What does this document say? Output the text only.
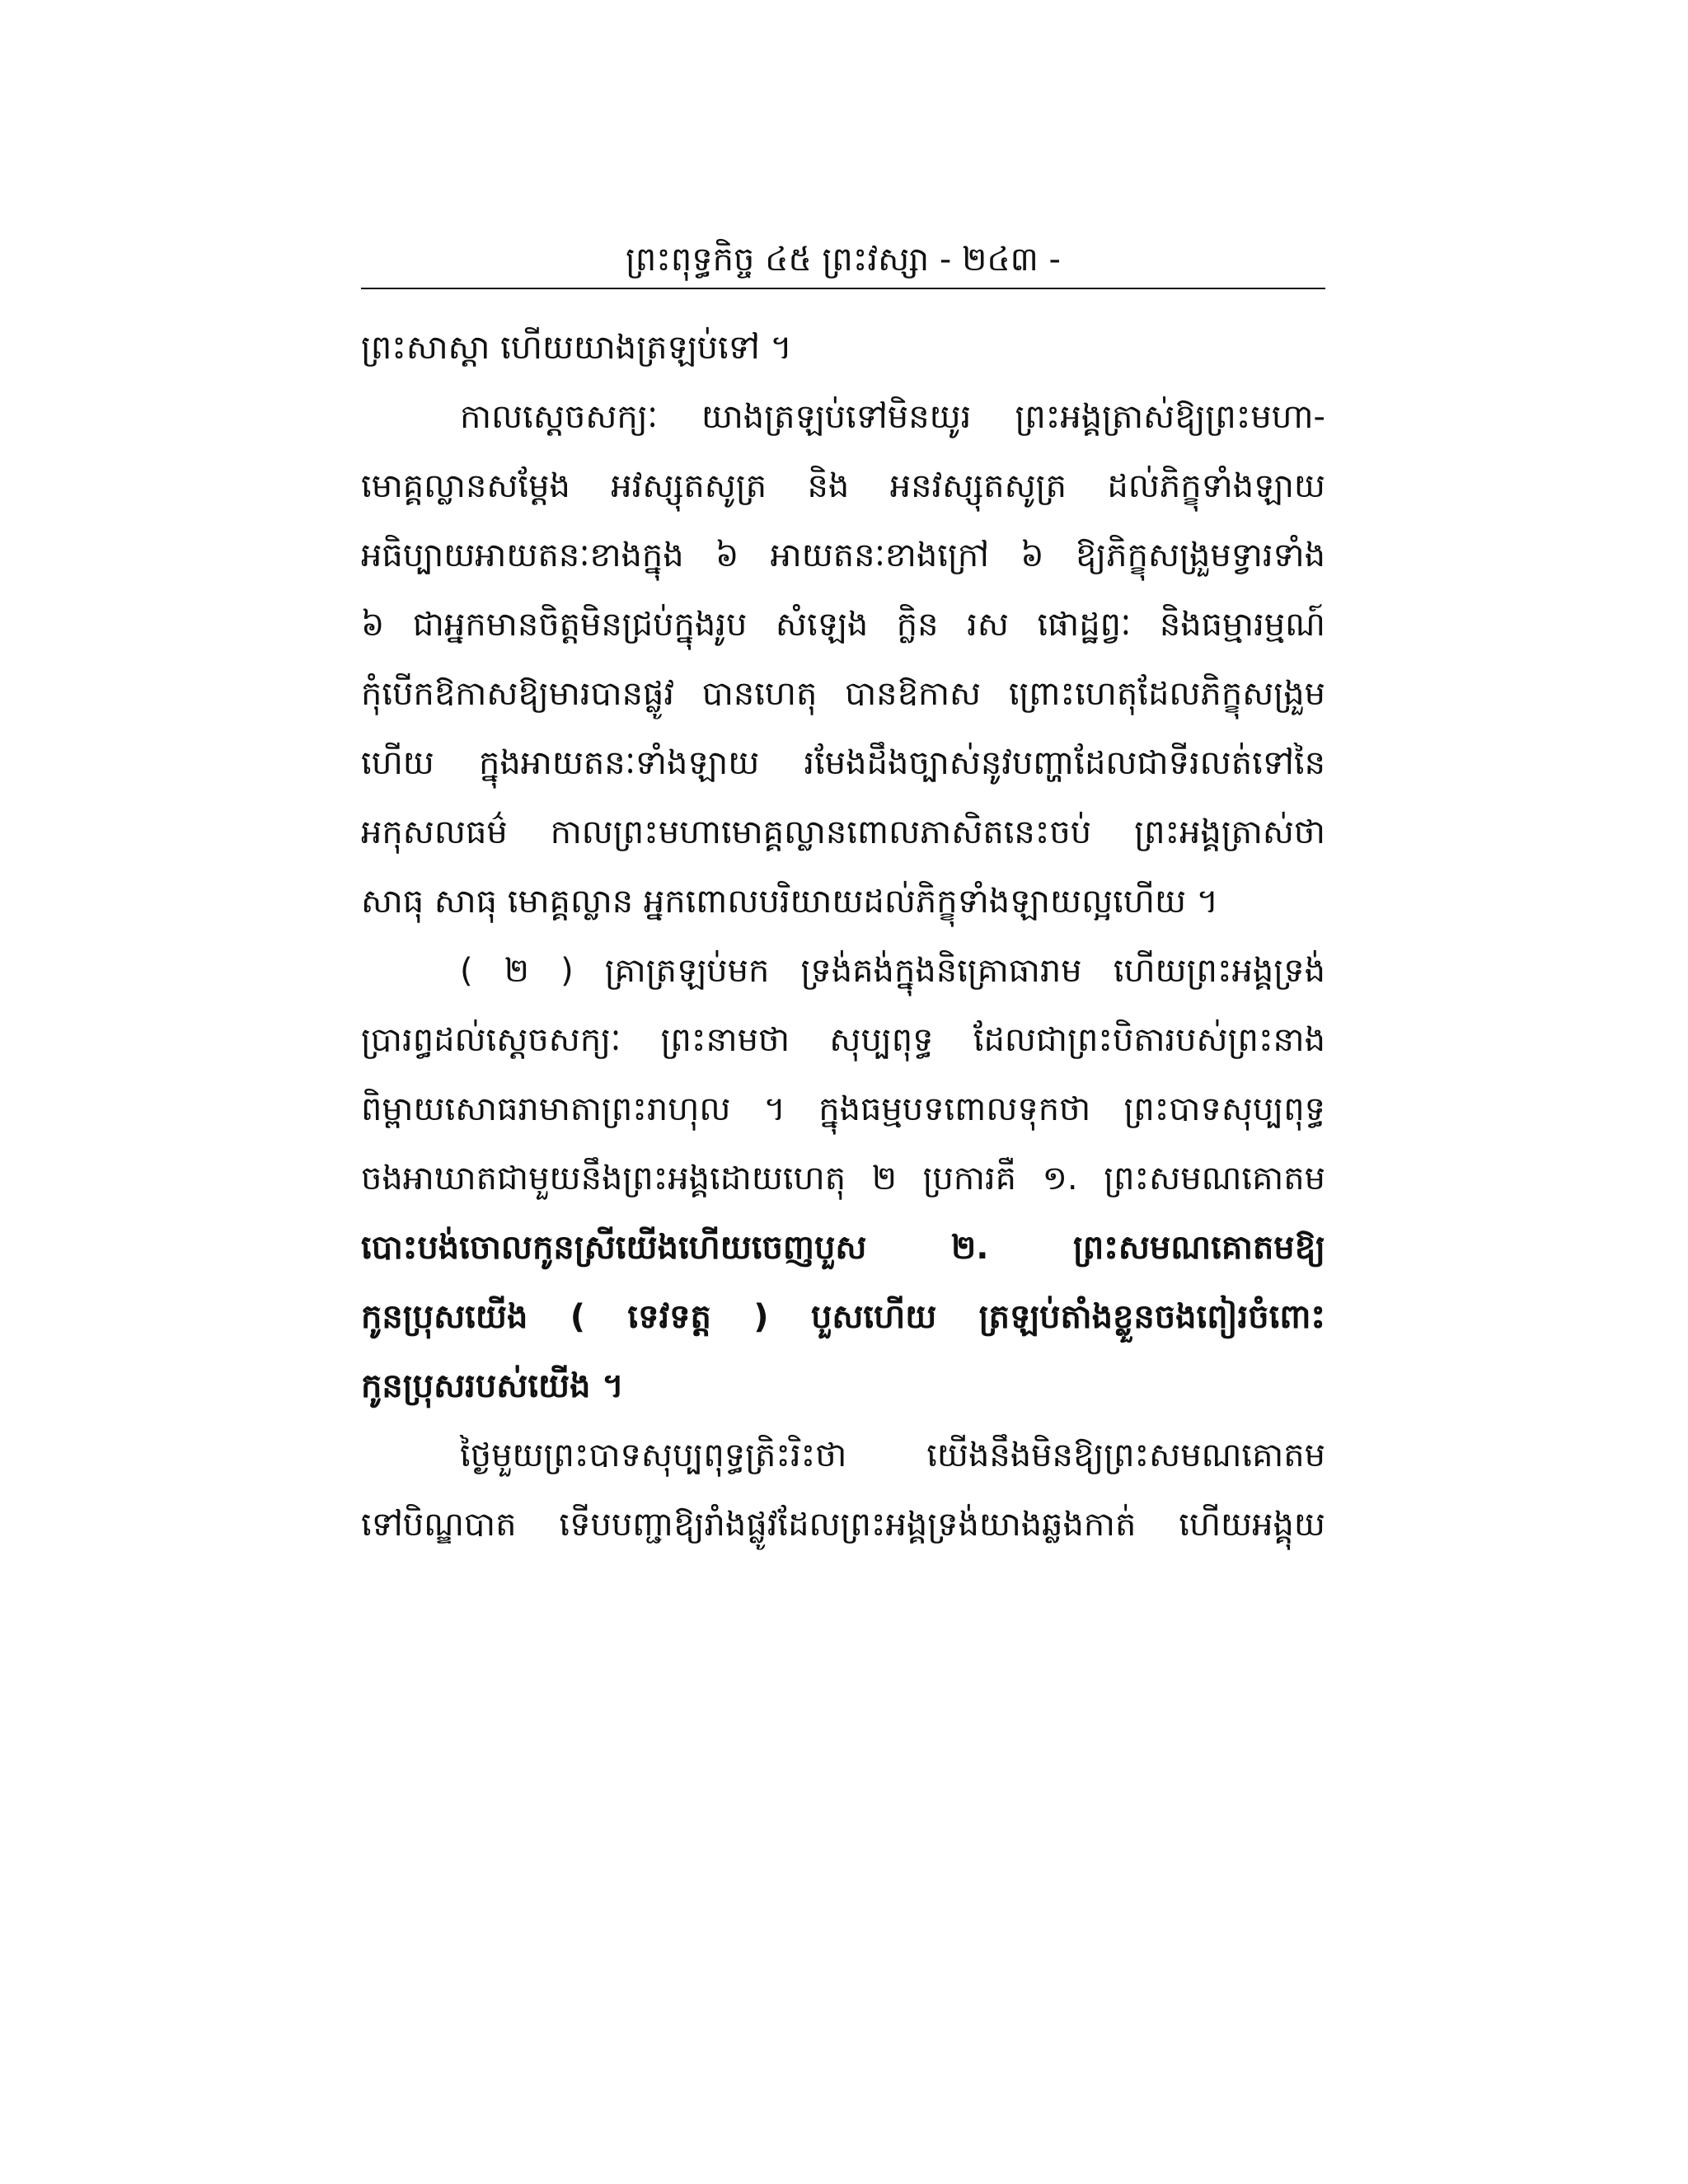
ព្រះពុទ្ធកិច្ច ៤៥ ព្រះវស្សា - ២៤៣ -
ព្រះសាស្តា ហើយយាងត្រឡប់ទៅ ។
កាលស្តេចសក្យៈ យាងត្រឡប់ទៅមិនយូរ ព្រះអង្គត្រាស់ឱ្យព្រះមហា-
មោគ្គល្លានសម្តែង អវស្សុតសូត្រ និង អនវស្សុតសូត្រ ដល់ភិក្ខុទាំងឡាយ
អធិប្បាយអាយតនៈខាងក្នុង ៦ អាយតនៈខាងក្រៅ ៦ ឱ្យភិក្ខុសង្រួមទ្វារទាំង
៦ ជាអ្នកមានចិត្តមិនជ្រប់ក្នុងរូប សំឡេង ក្លិន រស ផោដ្ឋព្វៈ និងធម្មារម្មណ៍
កុំបើកឱកាសឱ្យមារបានផ្លូវ បានហេតុ បានឱកាស ព្រោះហេតុដែលភិក្ខុសង្រួម
ហើយ ក្នុងអាយតនៈទាំងឡាយ រមែងដឹងច្បាស់នូវបញ្ហាដែលជាទីរលត់ទៅនៃ
អកុសលធម៌ កាលព្រះមហាមោគ្គល្លានពោលភាសិតនេះចប់ ព្រះអង្គត្រាស់ថា
សាធុ សាធុ មោគ្គល្លាន អ្នកពោលបរិយាយដល់ភិក្ខុទាំងឡាយល្អហើយ ។
( ២ ) គ្រាត្រឡប់មក ទ្រង់គង់ក្នុងនិគ្រោធារាម ហើយព្រះអង្គទ្រង់
ប្រារព្ធដល់ស្តេចសក្យៈ ព្រះនាមថា សុប្បពុទ្ធ ដែលជាព្រះបិតារបស់ព្រះនាង
ពិម្ពាយសោធរាមាតាព្រះរាហុល ។ ក្នុងធម្មបទពោលទុកថា ព្រះបាទសុប្បពុទ្ធ
ចងអាឃាតជាមួយនឹងព្រះអង្គដោយហេតុ ២ ប្រការគឺ ១. ព្រះសមណគោតម
បោះបង់ចោលកូនស្រីយើងហើយចេញបួស ២. ព្រះសមណគោតមឱ្យ
កូនប្រុសយើង ( ទេវទត្ត ) បួសហើយ ត្រឡប់តាំងខ្លួនចងពៀរចំពោះ
កូនប្រុសរបស់យើង ។
ថ្ងៃមួយព្រះបាទសុប្បពុទ្ធត្រិះរិះថា យើងនឹងមិនឱ្យព្រះសមណគោតម
ទៅបិណ្ឌបាត ទើបបញ្ជាឱ្យរាំងផ្លូវដែលព្រះអង្គទ្រង់យាងឆ្លងកាត់ ហើយអង្គុយ
